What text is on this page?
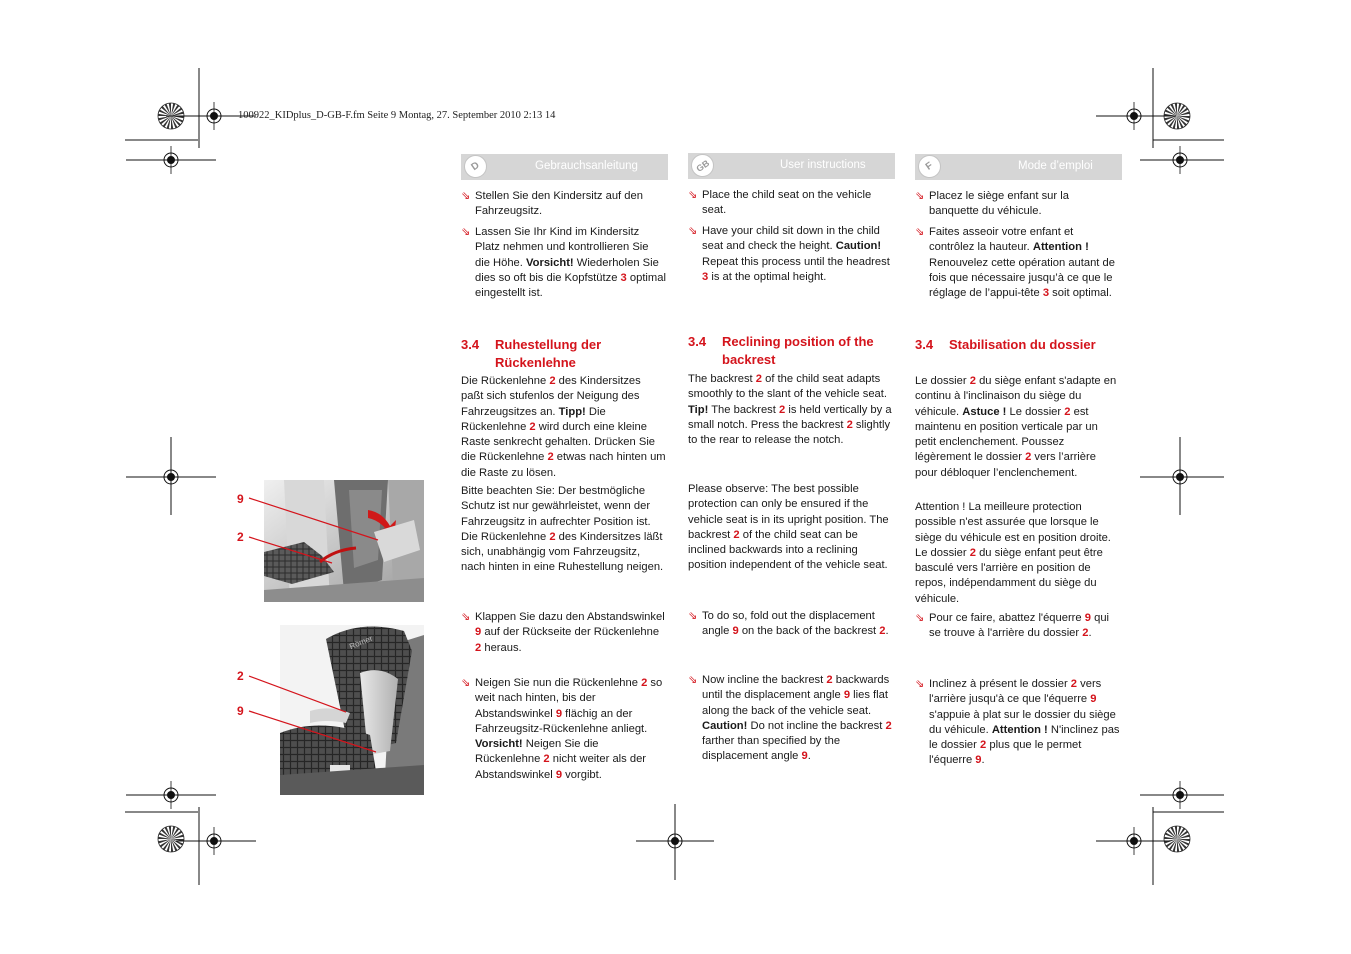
100922_KIDplus_D-GB-F.fm Seite 9 Montag, 27. September 2010 2:13 14
D	Gebrauchsanleitung	GB	User instructions	F	Mode d’emploi
⇘ Stellen Sie den Kindersitz auf den Fahrzeugsitz.

⇘ Lassen Sie Ihr Kind im Kindersitz Platz nehmen und kontrollieren Sie die Höhe. Vorsicht! Wiederholen Sie dies so oft bis die Kopfstütze 3 optimal eingestellt ist.

3.4 Ruhestellung der Rückenlehne

Die Rückenlehne 2 des Kindersitzes paßt sich stufenlos der Neigung des Fahrzeugsitzes an. Tipp! Die Rückenlehne 2 wird durch eine kleine Raste senkrecht gehalten. Drücken Sie die Rückenlehne 2 etwas nach hinten um die Raste zu lösen.

Bitte beachten Sie: Der bestmögliche Schutz ist nur gewährleistet, wenn der Fahrzeugsitz in aufrechter Position ist. Die Rückenlehne 2 des Kindersitzes läßt sich, unabhängig vom Fahrzeugsitz, nach hinten in eine Ruhestellung neigen.

⇘ Klappen Sie dazu den Abstandswinkel 9 auf der Rückseite der Rückenlehne 2 heraus.

⇘ Neigen Sie nun die Rückenlehne 2 so weit nach hinten, bis der Abstandswinkel 9 flächig an der Fahrzeugsitz-Rückenlehne anliegt. Vorsicht! Neigen Sie die Rückenlehne 2 nicht weiter als der Abstandswinkel 9 vorgibt.

⇘ Place the child seat on the vehicle seat.

⇘ Have your child sit down in the child seat and check the height. Caution! Repeat this process until the headrest 3 is at the optimal height.

3.4 Reclining position of the backrest

The backrest 2 of the child seat adapts smoothly to the slant of the vehicle seat. Tip! The backrest 2 is held vertically by a small notch. Press the backrest 2 slightly to the rear to release the notch.

Please observe: The best possible protection can only be ensured if the vehicle seat is in its upright position. The backrest 2 of the child seat can be inclined backwards into a reclining position independent of the vehicle seat.

⇘ To do so, fold out the displacement angle 9 on the back of the backrest 2.

⇘ Now incline the backrest 2 backwards until the displacement angle 9 lies flat along the back of the vehicle seat. Caution! Do not incline the backrest 2 farther than specified by the displacement angle 9.

⇘ Placez le siège enfant sur la banquette du véhicule.

⇘ Faites asseoir votre enfant et contrôlez la hauteur. Attention ! Renouvelez cette opération autant de fois que nécessaire jusqu’à ce que le réglage de l’appui-tête 3 soit optimal.

3.4 Stabilisation du dossier

Le dossier 2 du siège enfant s'adapte en continu à l'inclinaison du siège du véhicule. Astuce ! Le dossier 2 est maintenu en position verticale par un petit enclenchement. Poussez légèrement le dossier 2 vers l’arrière pour débloquer l’enclenchement.

Attention ! La meilleure protection possible n'est assurée que lorsque le siège du véhicule est en position droite. Le dossier 2 du siège enfant peut être basculé vers l'arrière en position de repos, indépendamment du siège du véhicule.

⇘ Pour ce faire, abattez l'équerre 9 qui se trouve à l'arrière du dossier 2.

⇘ Inclinez à présent le dossier 2 vers l'arrière jusqu'à ce que l'équerre 9 s'appuie à plat sur le dossier du siège du véhicule. Attention ! N'inclinez pas le dossier 2 plus que le permet l'équerre 9.

9
2
Römer
2
9
